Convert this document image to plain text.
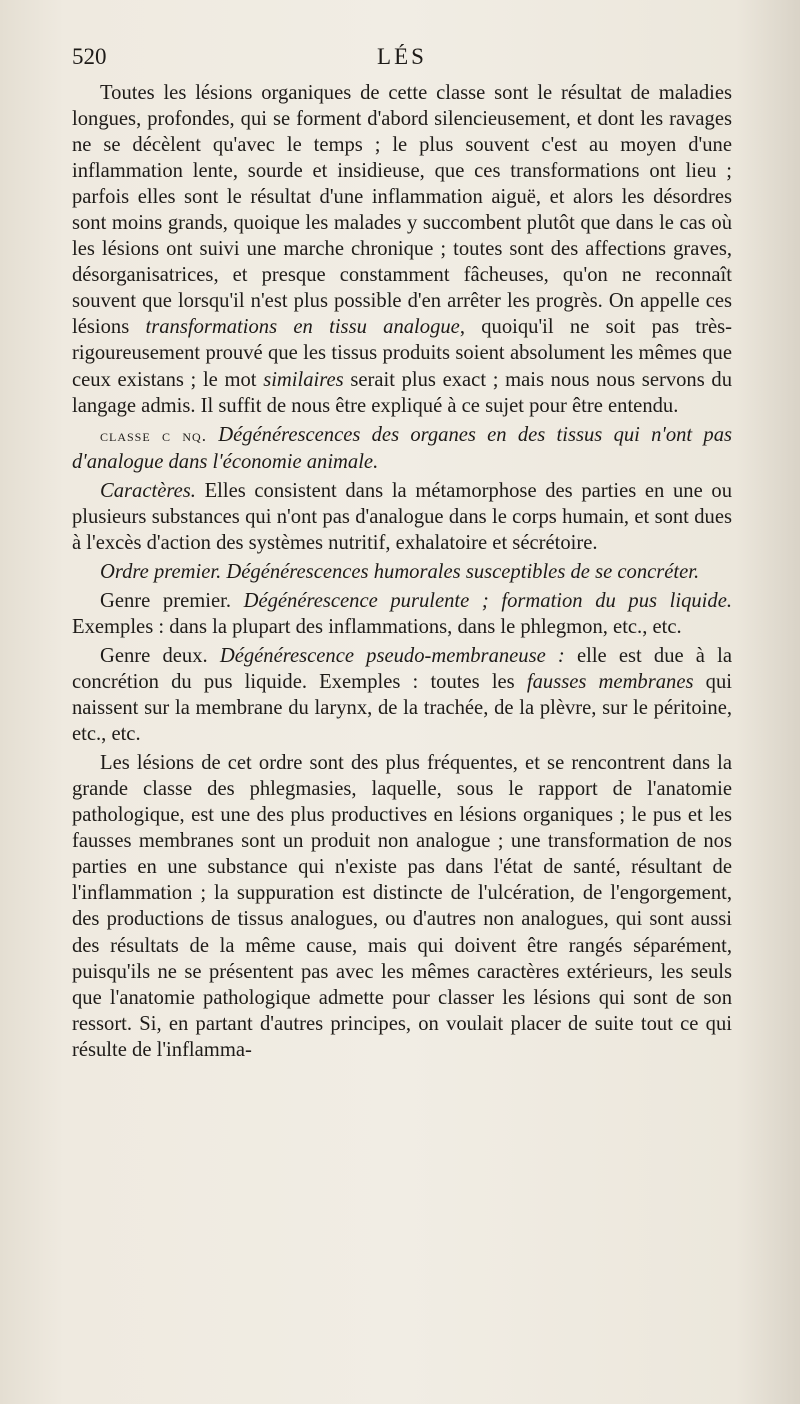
520	LÉS

Toutes les lésions organiques de cette classe sont le résultat de maladies longues, profondes, qui se forment d'abord silencieusement, et dont les ravages ne se décèlent qu'avec le temps ; le plus souvent c'est au moyen d'une inflammation lente, sourde et insidieuse, que ces transformations ont lieu ; parfois elles sont le résultat d'une inflammation aiguë, et alors les désordres sont moins grands, quoique les malades y succombent plutôt que dans le cas où les lésions ont suivi une marche chronique ; toutes sont des affections graves, désorganisatrices, et presque constamment fâcheuses, qu'on ne reconnaît souvent que lorsqu'il n'est plus possible d'en arrêter les progrès. On appelle ces lésions transformations en tissu analogue, quoiqu'il ne soit pas très-rigoureusement prouvé que les tissus produits soient absolument les mêmes que ceux existans ; le mot similaires serait plus exact ; mais nous nous servons du langage admis. Il suffit de nous être expliqué à ce sujet pour être entendu.

classe c nq. Dégénérescences des organes en des tissus qui n'ont pas d'analogue dans l'économie animale.

Caractères. Elles consistent dans la métamorphose des parties en une ou plusieurs substances qui n'ont pas d'analogue dans le corps humain, et sont dues à l'excès d'action des systèmes nutritif, exhalatoire et sécrétoire.

Ordre premier. Dégénérescences humorales susceptibles de se concréter.

Genre premier. Dégénérescence purulente ; formation du pus liquide. Exemples : dans la plupart des inflammations, dans le phlegmon, etc., etc.

Genre deux. Dégénérescence pseudo-membraneuse : elle est due à la concrétion du pus liquide. Exemples : toutes les fausses membranes qui naissent sur la membrane du larynx, de la trachée, de la plèvre, sur le péritoine, etc., etc.

Les lésions de cet ordre sont des plus fréquentes, et se rencontrent dans la grande classe des phlegmasies, laquelle, sous le rapport de l'anatomie pathologique, est une des plus productives en lésions organiques ; le pus et les fausses membranes sont un produit non analogue ; une transformation de nos parties en une substance qui n'existe pas dans l'état de santé, résultant de l'inflammation ; la suppuration est distincte de l'ulcération, de l'engorgement, des productions de tissus analogues, ou d'autres non analogues, qui sont aussi des résultats de la même cause, mais qui doivent être rangés séparément, puisqu'ils ne se présentent pas avec les mêmes caractères extérieurs, les seuls que l'anatomie pathologique admette pour classer les lésions qui sont de son ressort. Si, en partant d'autres principes, on voulait placer de suite tout ce qui résulte de l'inflamma-
